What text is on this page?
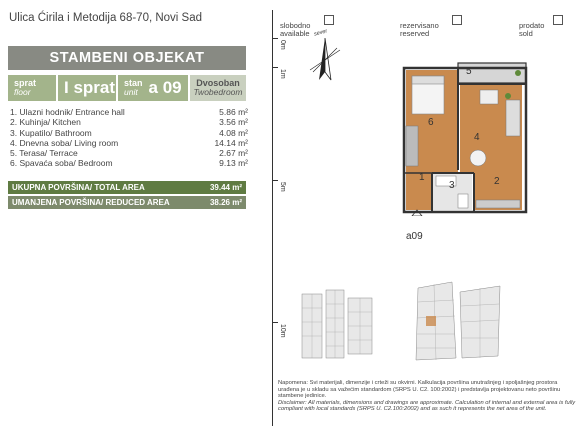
Ulica Ćirila i Metodija 68-70, Novi Sad
STAMBENI OBJEKAT
sprat
floor	I sprat stan
unit a 09 Dvosoban
Twobedroom
1. Ulazni hodnik/ Entrance hall	5.86 m²
2. Kuhinja/ Kitchen	3.56 m²
3. Kupatilo/ Bathroom	4.08 m²
4. Dnevna soba/ Living room	14.14 m²
5. Terasa/ Terrace	2.67 m²
6. Spavaća soba/ Bedroom	9.13 m²
UKUPNA POVRŠINA/ TOTAL AREA	39.44 m²
UMANJENA POVRŠINA/ REDUCED AREA	38.26 m²
0m
1m
5m
10m

slobodno
available

rezervisano
reserved

prodato
sold

sever
1	2
3
4
5
6
a09
Napomena: Svi materijali, dimenzije i crteži su okvirni. Kalkulacija površina unutrašnjeg i spoljašnjeg prostora urađena je u skladu sa važećim standardom (SRPS U. C2. 100:2002) i predstavlja projektovanu neto površinu stambene jedinice.
Disclaimer: All materials, dimensions and drawings are approximate. Calculation of internal and external area is fully compliant with local standards (SRPS U. C2.100:2002) and as such it represents the net area of the unit.
